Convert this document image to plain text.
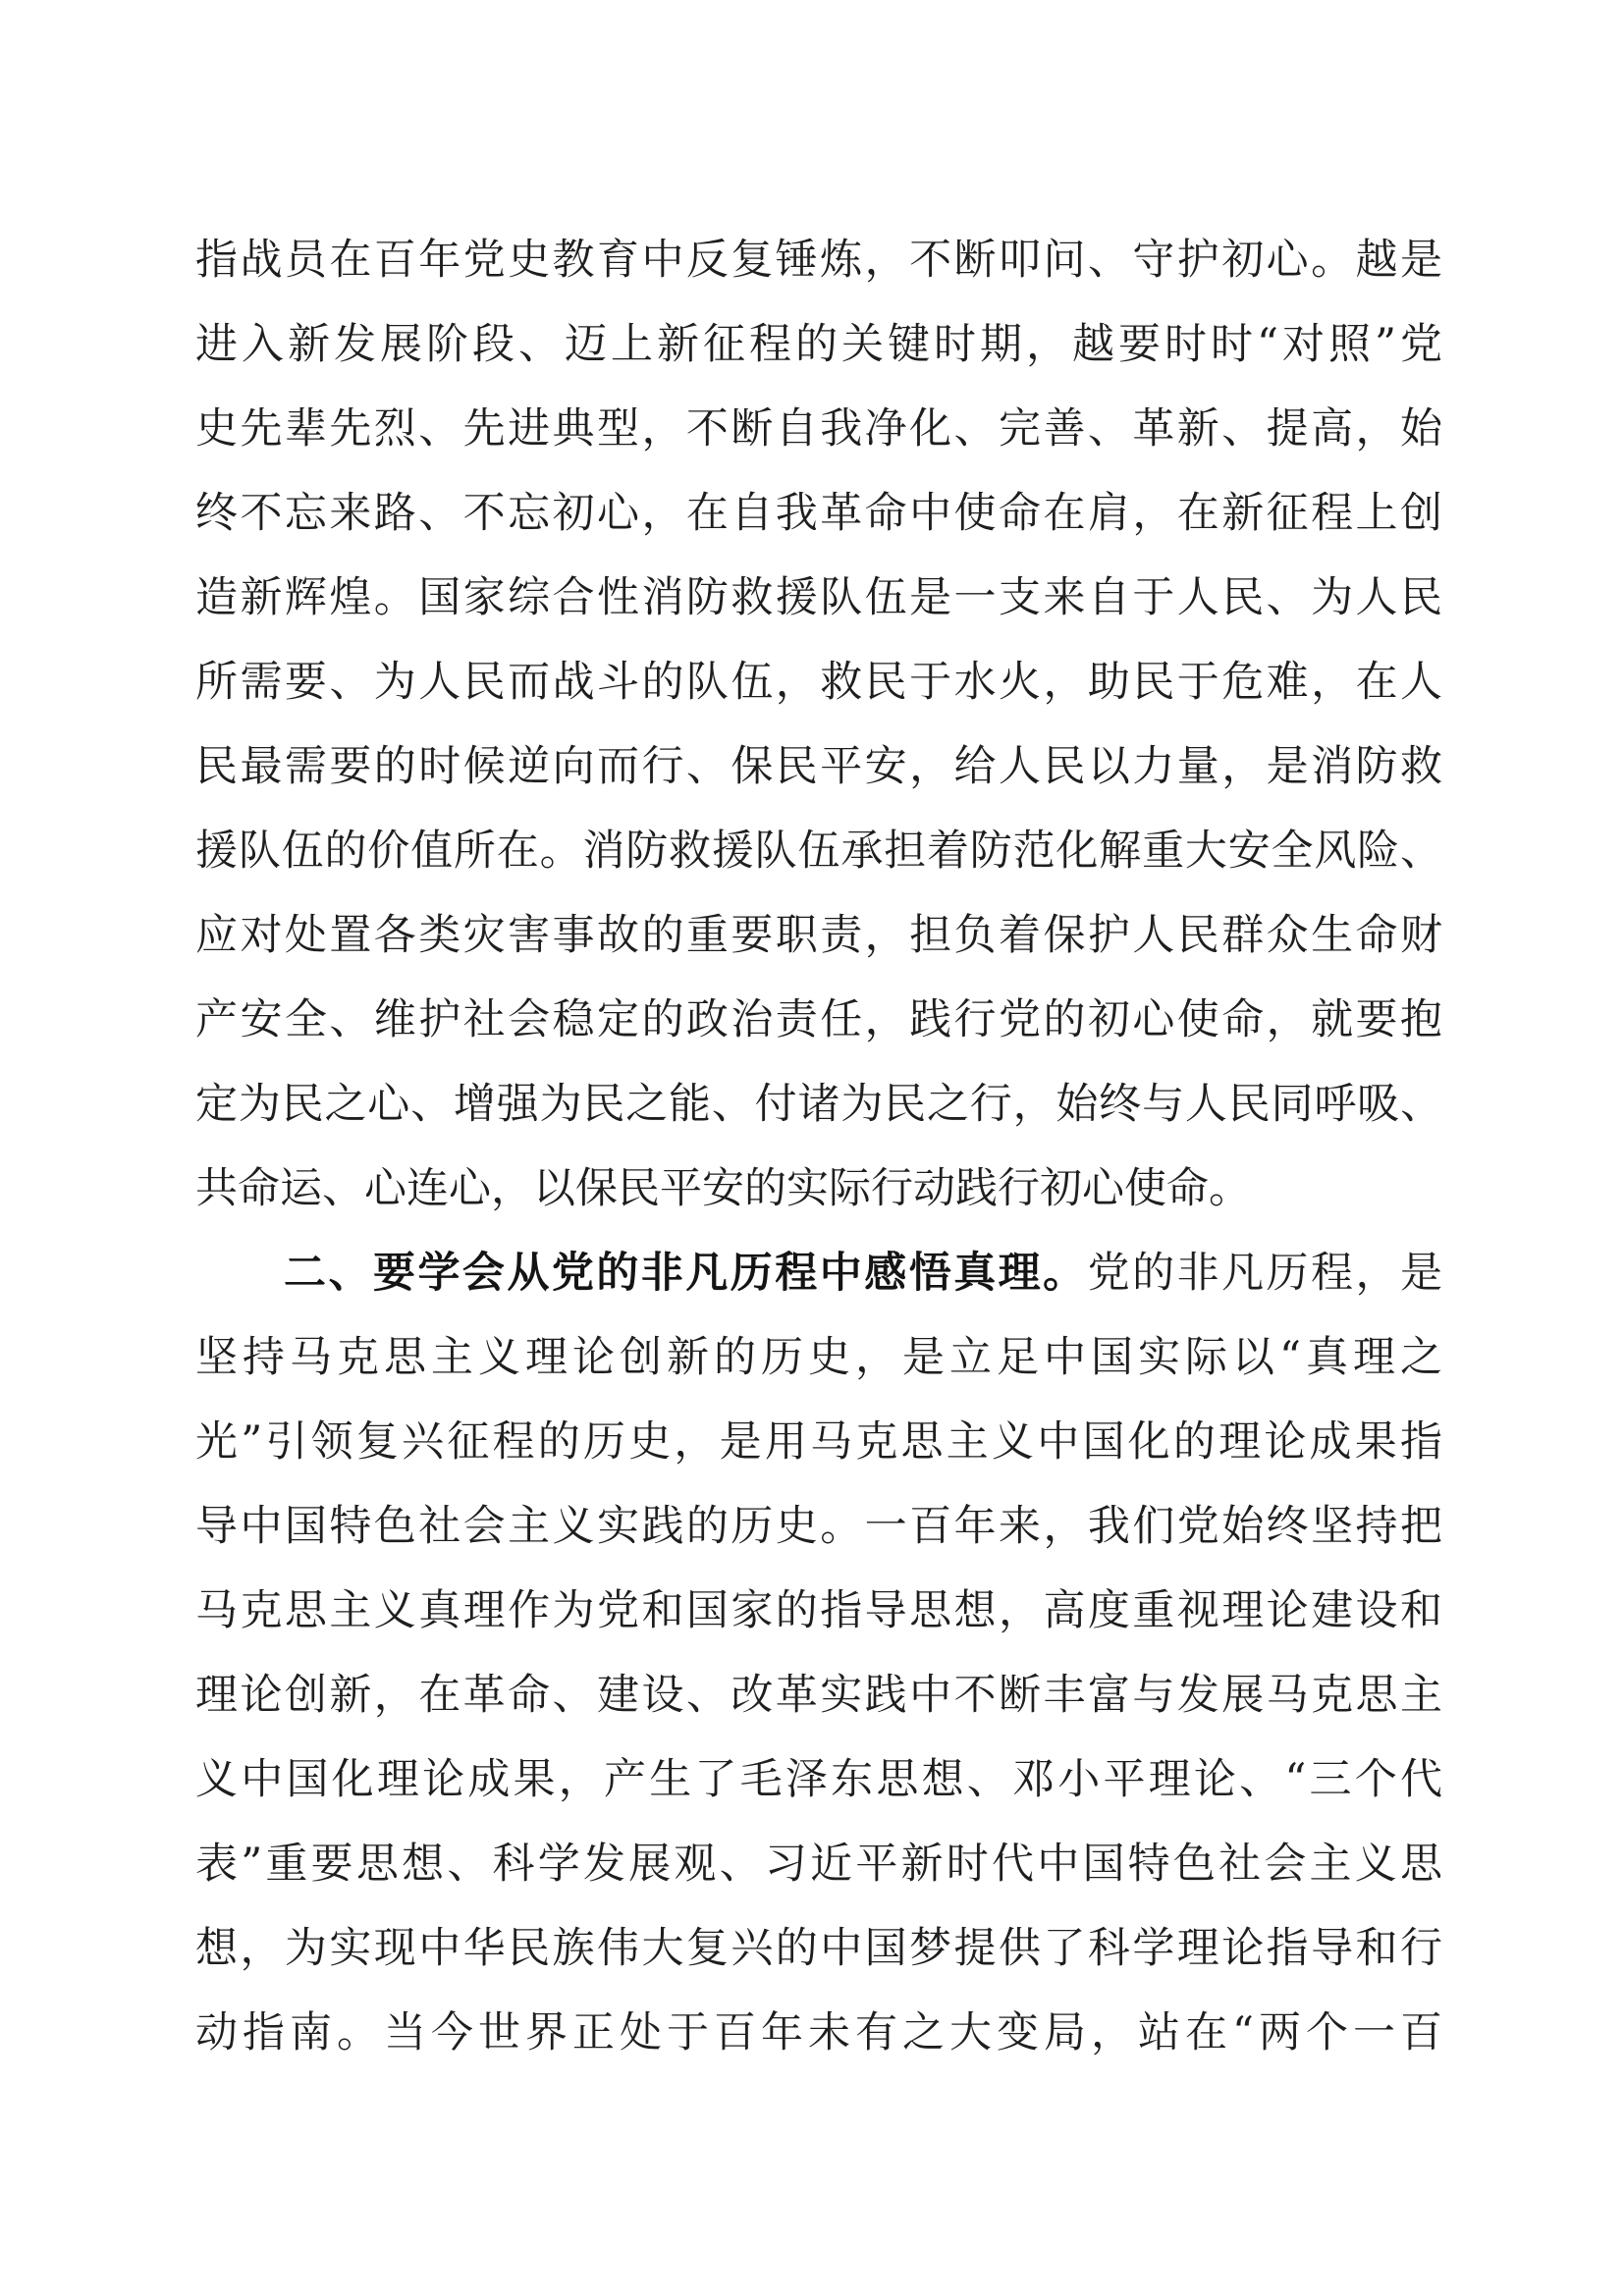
指战员在百年党史教育中反复锤炼，不断叩问、守护初心。越是
进入新发展阶段、迈上新征程的关键时期，越要时时“对照”党
史先辈先烈、先进典型，不断自我净化、完善、革新、提高，始
终不忘来路、不忘初心，在自我革命中使命在肩，在新征程上创
造新辉煌。国家综合性消防救援队伍是一支来自于人民、为人民
所需要、为人民而战斗的队伍，救民于水火，助民于危难，在人
民最需要的时候逆向而行、保民平安，给人民以力量，是消防救
援队伍的价值所在。消防救援队伍承担着防范化解重大安全风险、
应对处置各类灾害事故的重要职责，担负着保护人民群众生命财
产安全、维护社会稳定的政治责任，践行党的初心使命，就要抱
定为民之心、增强为民之能、付诸为民之行，始终与人民同呼吸、
共命运、心连心，以保民平安的实际行动践行初心使命。
二、要学会从党的非凡历程中感悟真理。党的非凡历程，是
坚持马克思主义理论创新的历史，是立足中国实际以“真理之
光”引领复兴征程的历史，是用马克思主义中国化的理论成果指
导中国特色社会主义实践的历史。一百年来，我们党始终坚持把
马克思主义真理作为党和国家的指导思想，高度重视理论建设和
理论创新，在革命、建设、改革实践中不断丰富与发展马克思主
义中国化理论成果，产生了毛泽东思想、邓小平理论、“三个代
表”重要思想、科学发展观、习近平新时代中国特色社会主义思
想，为实现中华民族伟大复兴的中国梦提供了科学理论指导和行
动指南。当今世界正处于百年未有之大变局，站在“两个一百
